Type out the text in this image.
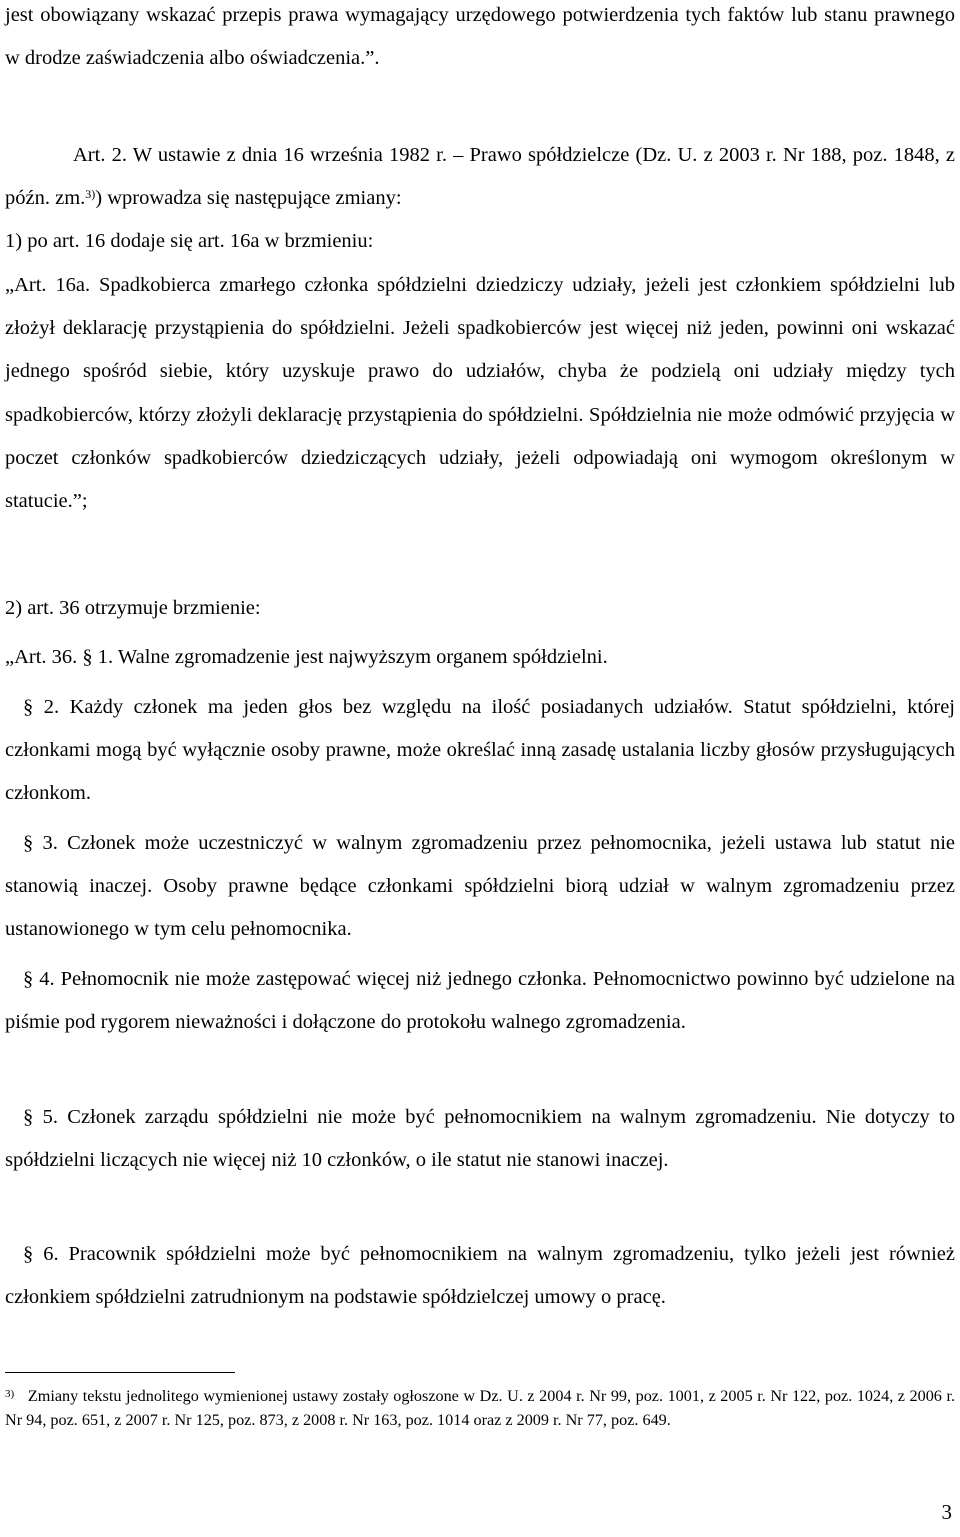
jest obowiązany wskazać przepis prawa wymagający urzędowego potwierdzenia tych faktów lub stanu prawnego w drodze zaświadczenia albo oświadczenia.”.

Art. 2. W ustawie z dnia 16 września 1982 r. – Prawo spółdzielcze (Dz. U. z 2003 r. Nr 188, poz. 1848, z późn. zm.$^{3)}$) wprowadza się następujące zmiany:

1) po art. 16 dodaje się art. 16a w brzmieniu:

„Art. 16a. Spadkobierca zmarłego członka spółdzielni dziedziczy udziały, jeżeli jest członkiem spółdzielni lub złożył deklarację przystąpienia do spółdzielni. Jeżeli spadkobierców jest więcej niż jeden, powinni oni wskazać jednego spośród siebie, który uzyskuje prawo do udziałów, chyba że podzielą oni udziały między tych spadkobierców, którzy złożyli deklarację przystąpienia do spółdzielni. Spółdzielnia nie może odmówić przyjęcia w poczet członków spadkobierców dziedziczących udziały, jeżeli odpowiadają oni wymogom określonym w statucie.”;

2) art. 36 otrzymuje brzmienie:

„Art. 36. § 1. Walne zgromadzenie jest najwyższym organem spółdzielni.

§ 2. Każdy członek ma jeden głos bez względu na ilość posiadanych udziałów. Statut spółdzielni, której członkami mogą być wyłącznie osoby prawne, może określać inną zasadę ustalania liczby głosów przysługujących członkom.

§ 3. Członek może uczestniczyć w walnym zgromadzeniu przez pełnomocnika, jeżeli ustawa lub statut nie stanowią inaczej. Osoby prawne będące członkami spółdzielni biorą udział w walnym zgromadzeniu przez ustanowionego w tym celu pełnomocnika.

§ 4. Pełnomocnik nie może zastępować więcej niż jednego członka. Pełnomocnictwo powinno być udzielone na piśmie pod rygorem nieważności i dołączone do protokołu walnego zgromadzenia.

§ 5. Członek zarządu spółdzielni nie może być pełnomocnikiem na walnym zgromadzeniu. Nie dotyczy to spółdzielni liczących nie więcej niż 10 członków, o ile statut nie stanowi inaczej.

§ 6. Pracownik spółdzielni może być pełnomocnikiem na walnym zgromadzeniu, tylko jeżeli jest również członkiem spółdzielni zatrudnionym na podstawie spółdzielczej umowy o pracę.

$^{3)}$ Zmiany tekstu jednolitego wymienionej ustawy zostały ogłoszone w Dz. U. z 2004 r. Nr 99, poz. 1001, z 2005 r. Nr 122, poz. 1024, z 2006 r. Nr 94, poz. 651, z 2007 r. Nr 125, poz. 873, z 2008 r. Nr 163, poz. 1014 oraz z 2009 r. Nr 77, poz. 649.

3
